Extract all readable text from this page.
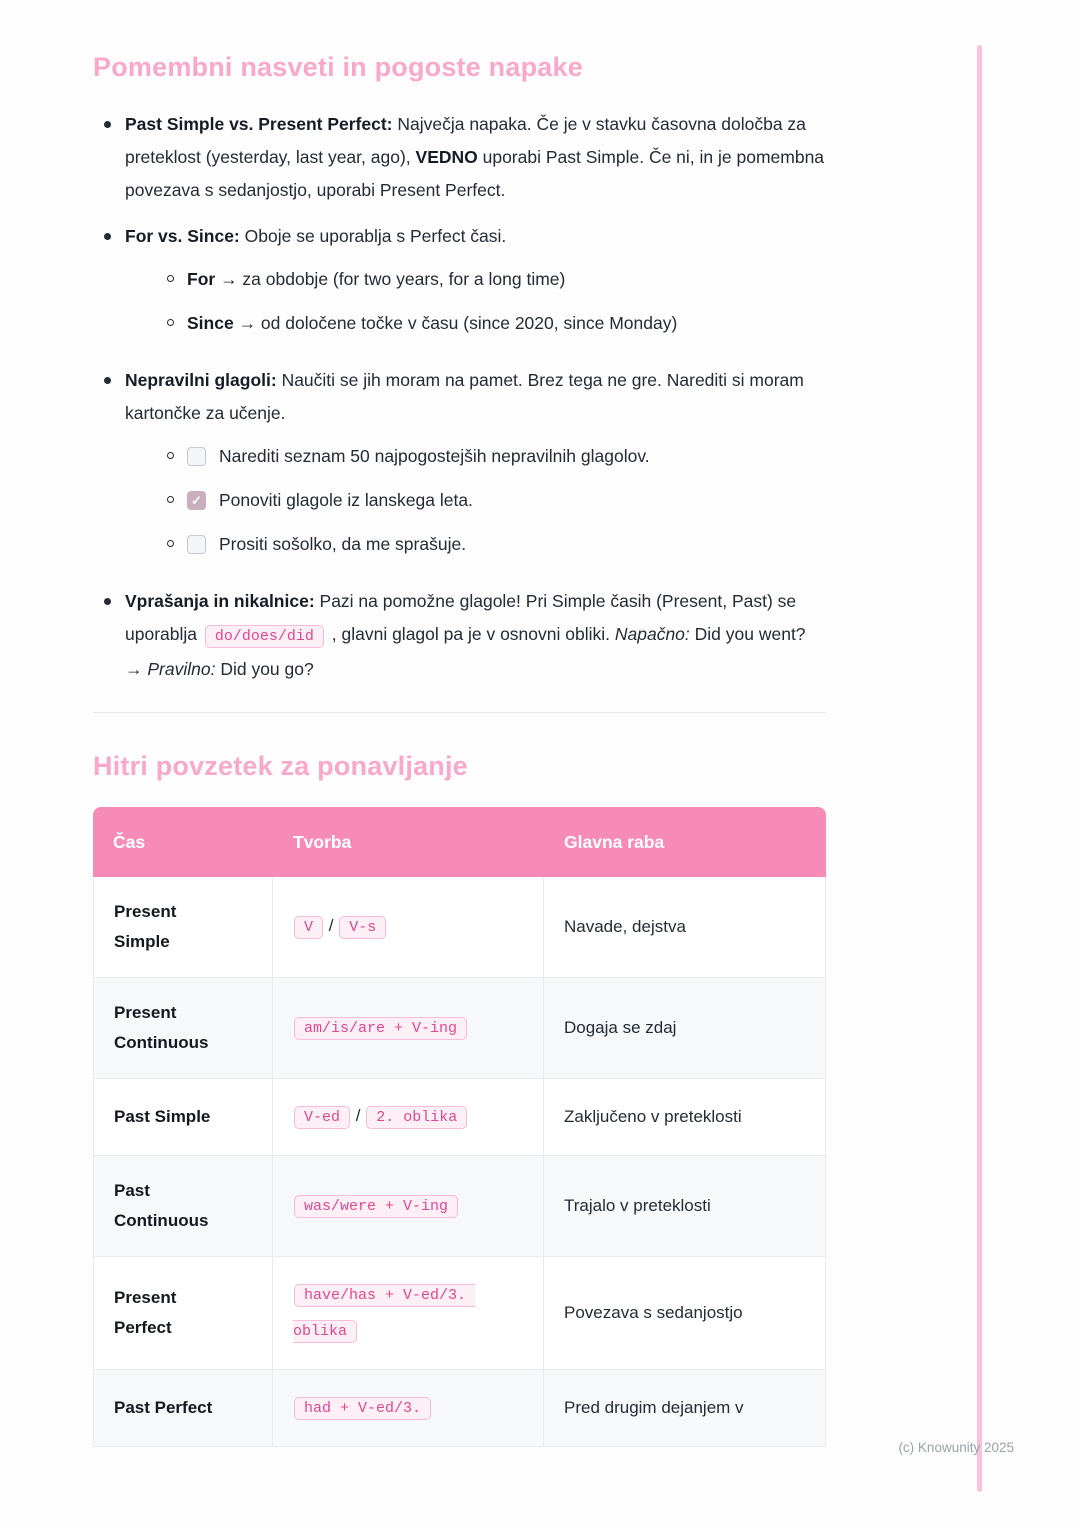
Pomembni nasveti in pogoste napake
Past Simple vs. Present Perfect: Največja napaka. Če je v stavku časovna določba za preteklost (yesterday, last year, ago), VEDNO uporabi Past Simple. Če ni, in je pomembna povezava s sedanjostjo, uporabi Present Perfect.
For vs. Since: Oboje se uporablja s Perfect časi.
For → za obdobje (for two years, for a long time)
Since → od določene točke v času (since 2020, since Monday)
Nepravilni glagoli: Naučiti se jih moram na pamet. Brez tega ne gre. Narediti si moram kartončke za učenje.
Narediti seznam 50 najpogostejših nepravilnih glagolov.
✓
Ponoviti glagole iz lanskega leta.
Prositi sošolko, da me sprašuje.
Vprašanja in nikalnice: Pazi na pomožne glagole! Pri Simple časih (Present, Past) se uporablja do/does/did , glavni glagol pa je v osnovni obliki. Napačno: Did you went? → Pravilno: Did you go?
Hitri povzetek za ponavljanje
Čas	Tvorba	Glavna raba
Present Simple	V / V-s	Navade, dejstva
Present Continuous	am/is/are + V-ing	Dogaja se zdaj
Past Simple	V-ed / 2. oblika	Zaključeno v preteklosti
Past Continuous	was/were + V-ing	Trajalo v preteklosti
Present Perfect	have/has + V-ed/3. oblika	Povezava s sedanjostjo
Past Perfect	had + V-ed/3.	Pred drugim dejanjem v
(c) Knowunity 2025
